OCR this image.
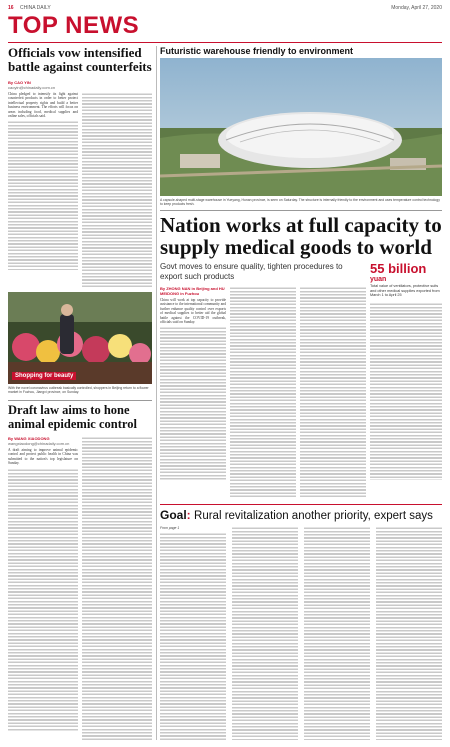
16 CHINA DAILY	Monday, April 27, 2020
TOP NEWS
Officials vow intensified battle against counterfeits
By CAO YIN
caoyin@chinadaily.com.cn
China pledged to intensify its fight against counterfeit products in order to better protect intellectual property rights and build a better business environment. The efforts will focus on areas including food, medical supplies and online sales, officials said.
Shopping for beauty
With the novel coronavirus outbreak basically controlled, shoppers in Beijing return to a flower market in Fuzhou, Jiangxi province, on Sunday.
Draft law aims to hone animal epidemic control
By WANG XIAODONG
wangxiaodong@chinadaily.com.cn
A draft aiming to improve animal epidemic control and protect public health in China was submitted to the nation's top legislature on Sunday.
Futuristic warehouse friendly to environment
A capsule-shaped multi-stage warehouse in Yueyang, Hunan province, is seen on Saturday. The structure is internally friendly to the environment and uses temperature control technology to keep products fresh.
Nation works at full capacity to supply medical goods to world
Govt moves to ensure quality, tighten procedures to export such products
By ZHONG NAN in Beijing and HU MEIDONG in Fuzhou
China will work at top capacity to provide assistance to the international community and further enhance quality control over exports of medical supplies to better aid the global battle against the COVID-19 outbreak, officials said on Sunday.
55 billion
yuan
Total value of ventilators, protective suits and other medical supplies exported from March 1 to April 25
Goal: Rural revitalization another priority, expert says
From page 1
